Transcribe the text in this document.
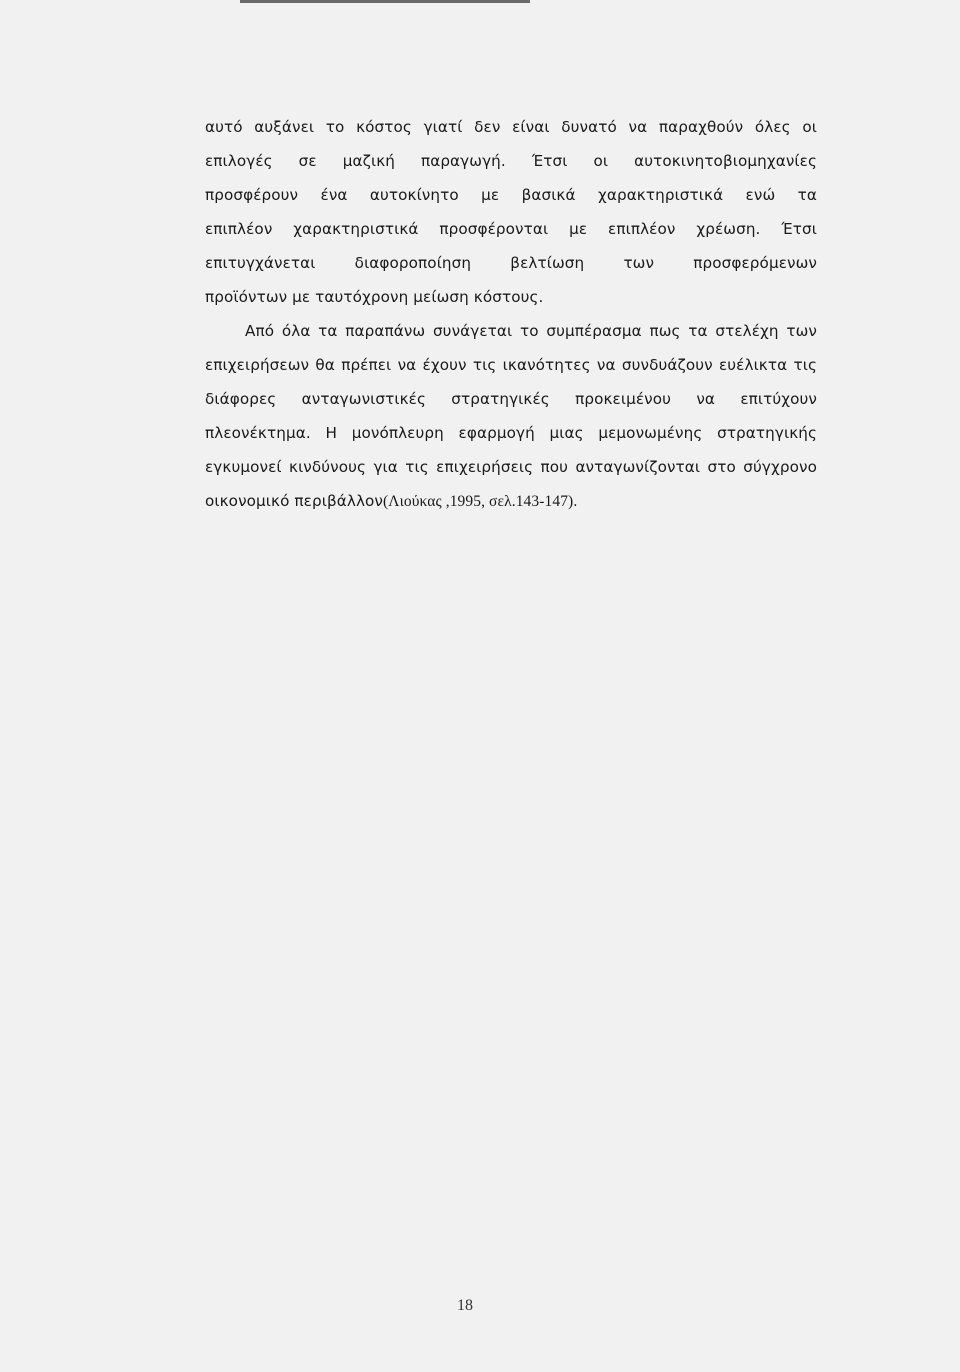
αυτό αυξάνει το κόστος γιατί δεν είναι δυνατό να παραχθούν όλες οι
επιλογές σε μαζική παραγωγή. Έτσι οι αυτοκινητοβιομηχανίες
προσφέρουν ένα αυτοκίνητο με βασικά χαρακτηριστικά ενώ τα
επιπλέον χαρακτηριστικά προσφέρονται με επιπλέον χρέωση. Έτσι
επιτυγχάνεται διαφοροποίηση βελτίωση των προσφερόμενων
προϊόντων με ταυτόχρονη μείωση κόστους.
Από όλα τα παραπάνω συνάγεται το συμπέρασμα πως τα στελέχη των
επιχειρήσεων θα πρέπει να έχουν τις ικανότητες να συνδυάζουν ευέλικτα τις
διάφορες ανταγωνιστικές στρατηγικές προκειμένου να επιτύχουν
πλεονέκτημα. Η μονόπλευρη εφαρμογή μιας μεμονωμένης στρατηγικής
εγκυμονεί κινδύνους για τις επιχειρήσεις που ανταγωνίζονται στο σύγχρονο
οικονομικό περιβάλλον(Λιούκας ,1995, σελ.143-147).
18
